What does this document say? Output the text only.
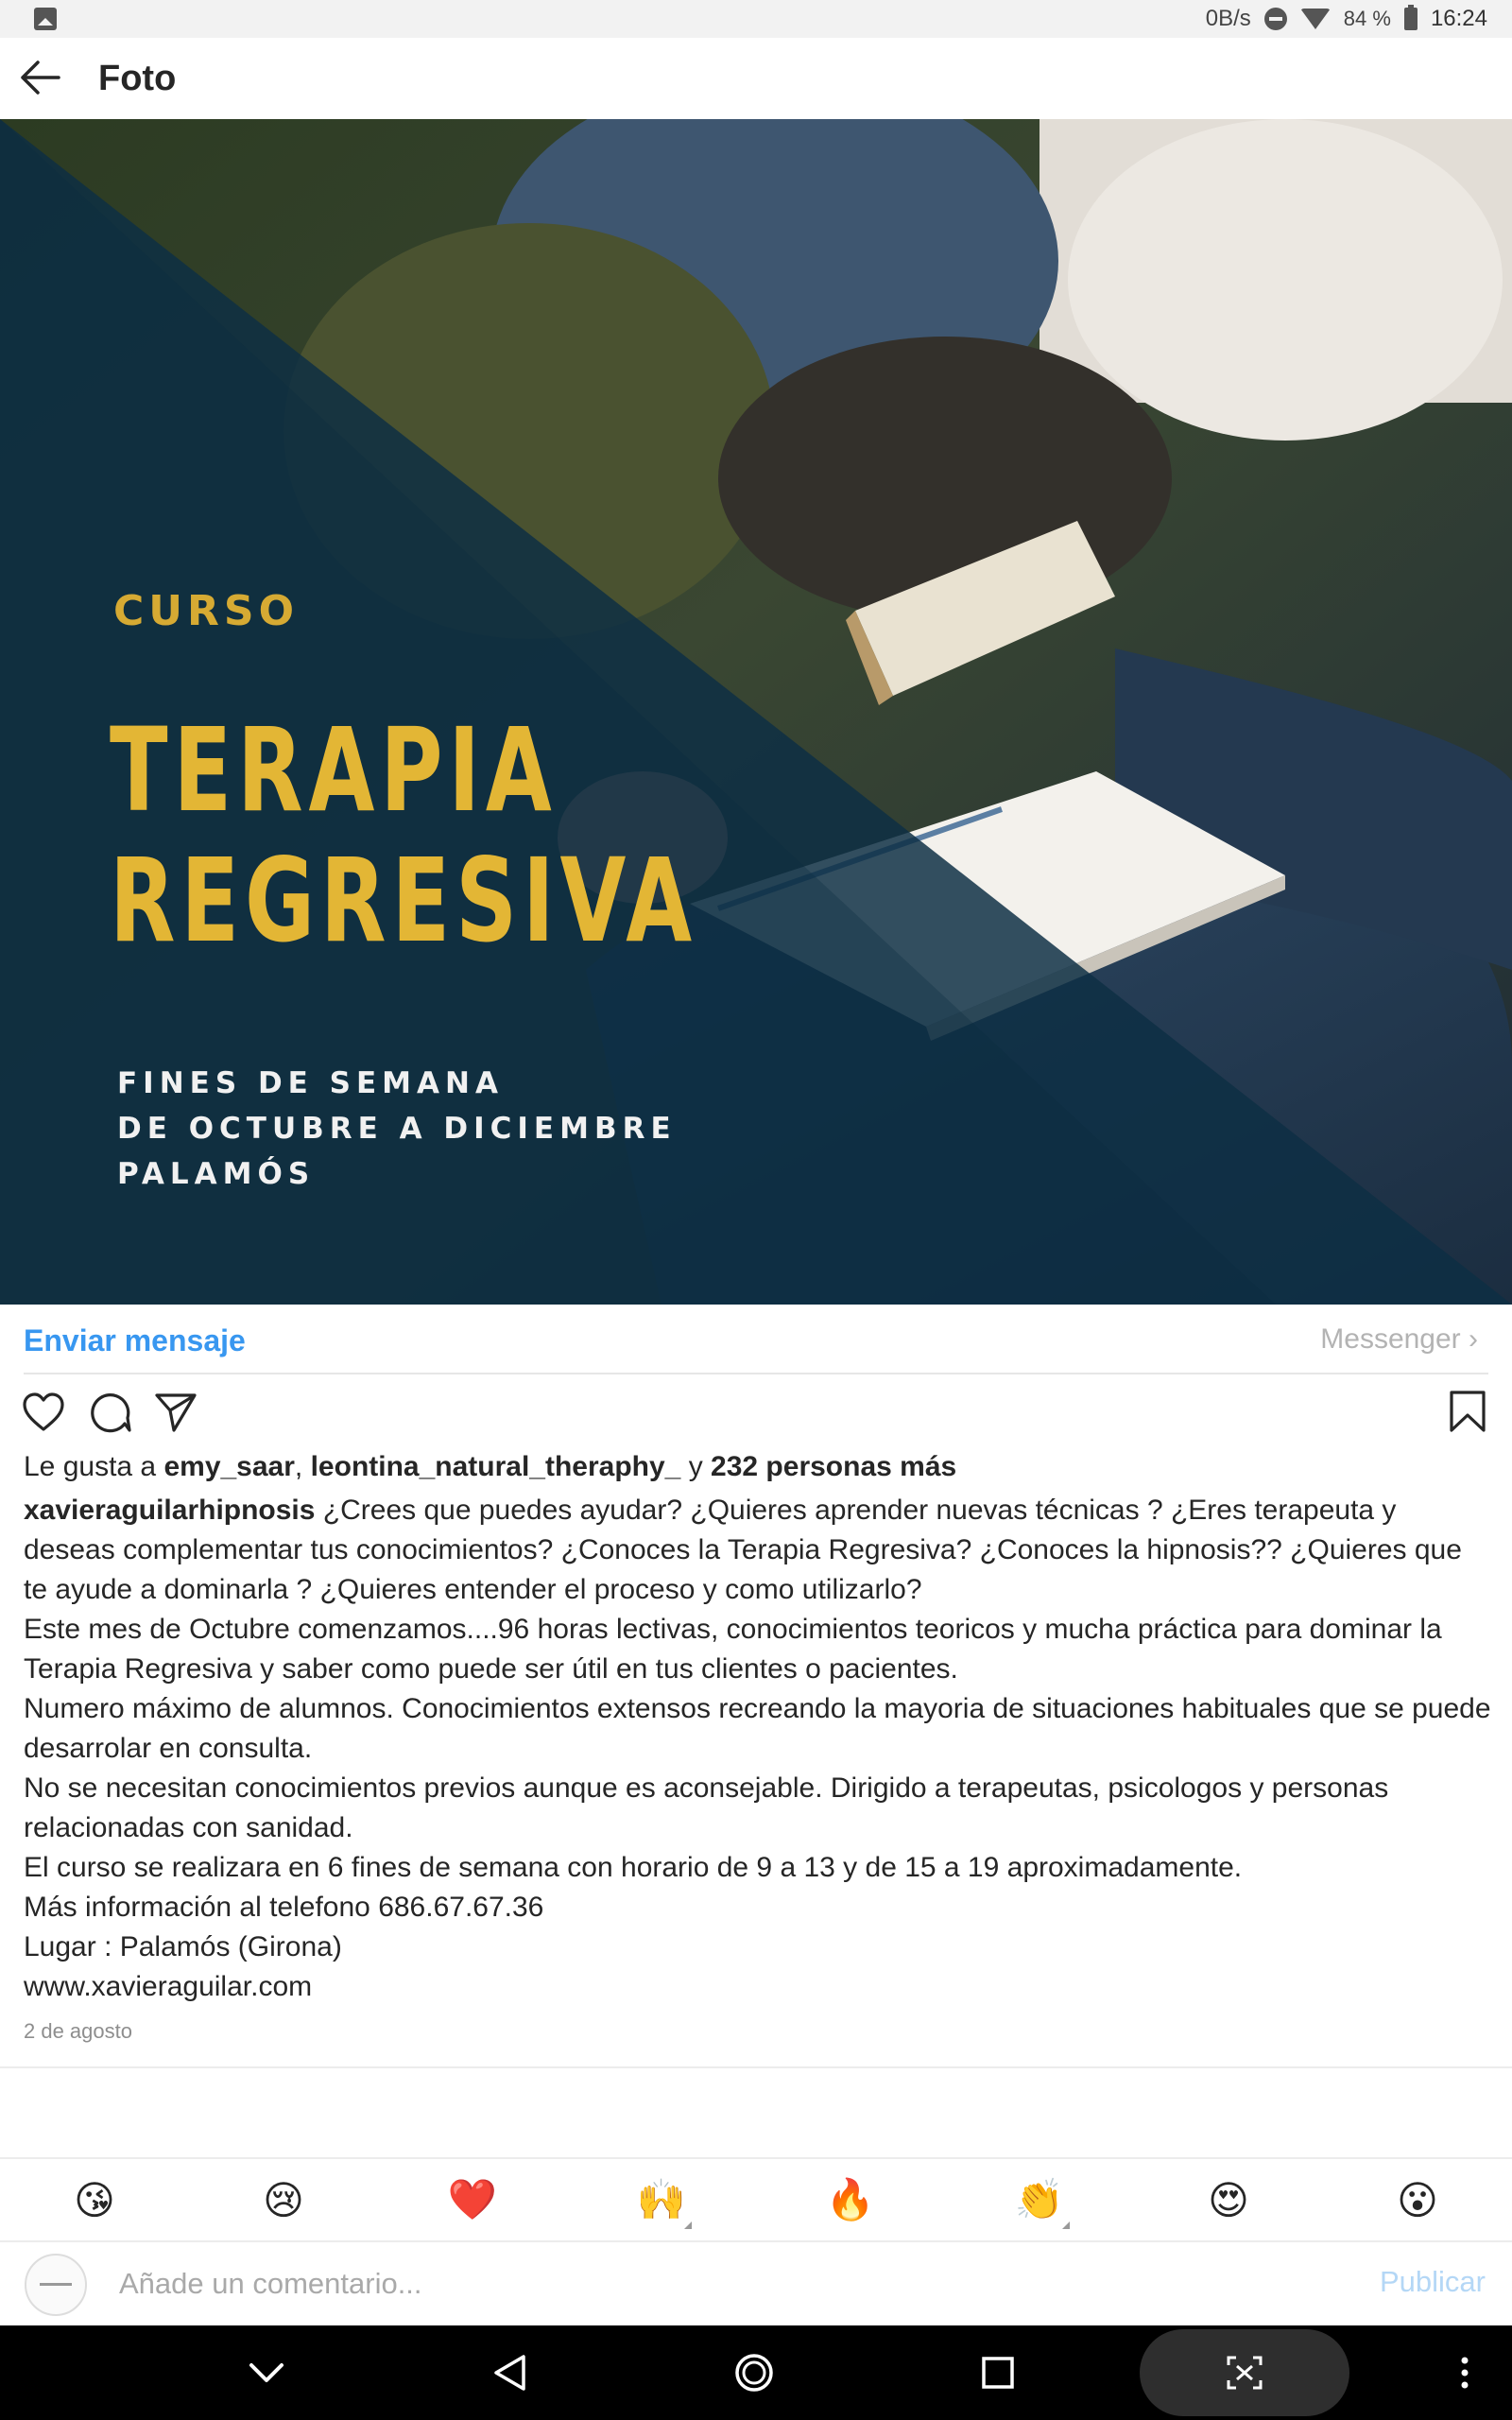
0B/s	84 % 16:24
Foto
CURSO
TERAPIA
REGRESIVA
FINES DE SEMANA
DE OCTUBRE A DICIEMBRE
PALAMÓS
Enviar mensaje	Messenger ›
Le gusta a emy_saar, leontina_natural_theraphy_ y 232 personas más

xavieraguilarhipnosis ¿Crees que puedes ayudar? ¿Quieres aprender nuevas técnicas ? ¿Eres terapeuta y deseas complementar tus conocimientos? ¿Conoces la Terapia Regresiva? ¿Conoces la hipnosis?? ¿Quieres que te ayude a dominarla ? ¿Quieres entender el proceso y como utilizarlo?

Este mes de Octubre comenzamos....96 horas lectivas, conocimientos teoricos y mucha práctica para dominar la Terapia Regresiva y saber como puede ser útil en tus clientes o pacientes.

Numero máximo de alumnos. Conocimientos extensos recreando la mayoria de situaciones habituales que se puede desarrolar en consulta.

No se necesitan conocimientos previos aunque es aconsejable. Dirigido a terapeutas, psicologos y personas relacionadas con sanidad.

El curso se realizara en 6 fines de semana con horario de 9 a 13 y de 15 a 19 aproximadamente.

Más información al telefono 686.67.67.36

Lugar : Palamós (Girona)

www.xavieraguilar.com

2 de agosto
😘	😢	❤️	🙌	🔥	👏	😍	😮
Añade un comentario...
Publicar
